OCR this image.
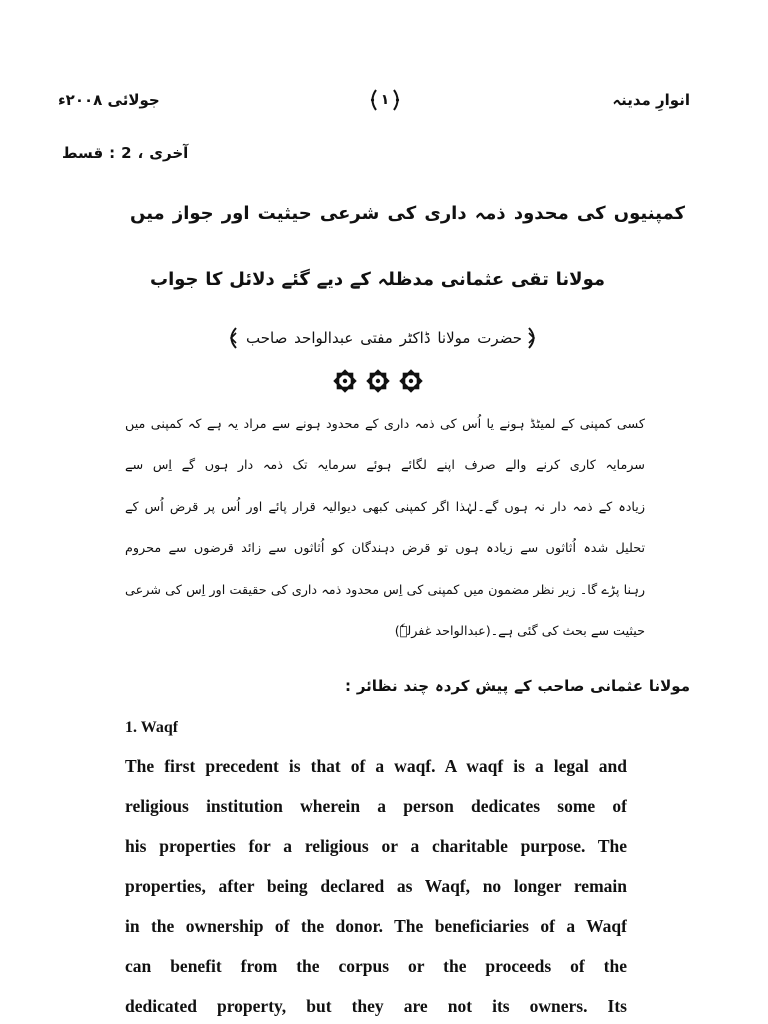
انوارِ مدینہ
۱
جولائی ۲۰۰۸ء
قسط : 2 ، آخری
کمپنیوں کی محدود ذمہ داری کی شرعی حیثیت اور جواز میں
مولانا تقی عثمانی مدظلہ کے دیے گئے دلائل کا جواب
حضرت مولانا ڈاکٹر مفتی عبدالواحد صاحب
کسی کمپنی کے لمیٹڈ ہونے یا اُس کی ذمہ داری کے محدود ہونے سے مراد یہ ہے کہ کمپنی میں
سرمایہ کاری کرنے والے صرف اپنے لگائے ہوئے سرمایہ تک ذمہ دار ہوں گے اِس سے
زیادہ کے ذمہ دار نہ ہوں گے۔لہٰذا اگر کمپنی کبھی دیوالیہ قرار پائے اور اُس پر قرض اُس کے
تحلیل شدہ اُثاثوں سے زیادہ ہوں تو قرض دہندگان کو اُثاثوں سے زائد قرضوں سے محروم
رہنا پڑے گا۔ زیر نظر مضمون میں کمپنی کی اِس محدود ذمہ داری کی حقیقت اور اِس کی شرعی
حیثیت سے بحث کی گئی ہے۔(عبدالواحد غفرلہٗ)
مولانا عثمانی صاحب کے پیش کردہ چند نظائر :
1. Waqf
The first precedent is that of a waqf. A waqf is a legal and
religious institution wherein a person dedicates some of
his properties for a religious or a charitable purpose. The
properties, after being declared as Waqf, no longer remain
in the ownership of the donor. The beneficiaries of a Waqf
can benefit from the corpus or the proceeds of the
dedicated property, but they are not its owners. Its
